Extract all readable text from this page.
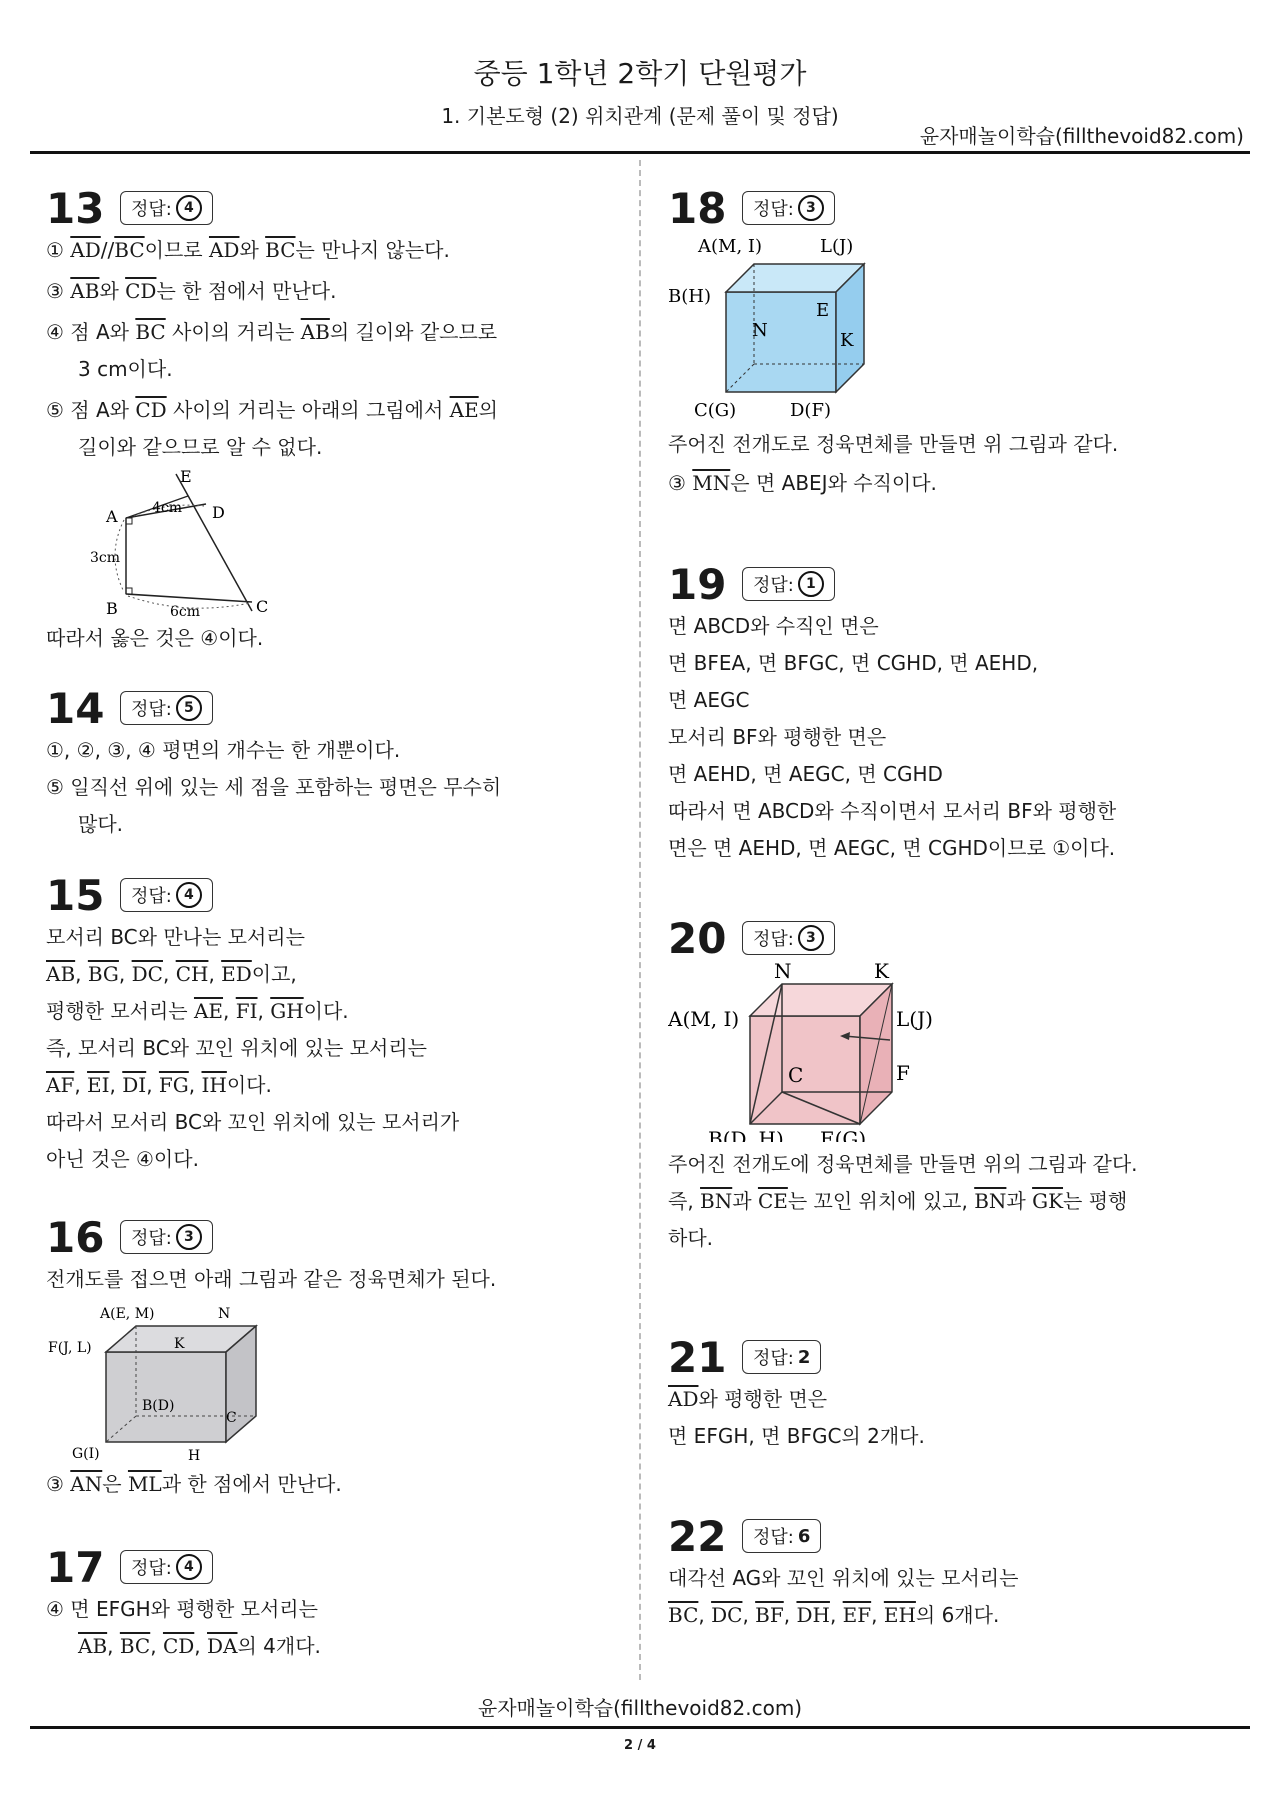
중등 1학년 2학기 단원평가
1. 기본도형 (2) 위치관계 (문제 풀이 및 정답)
윤자매놀이학습(fillthevoid82.com)
13	정답: 4
① $\overline{AD}//\overline{BC}$이므로 $\overline{AD}$와 $\overline{BC}$는 만나지 않는다.
③ $\overline{AB}$와 $\overline{CD}$는 한 점에서 만난다.
④ 점 A와 $\overline{BC}$ 사이의 거리는 $\overline{AB}$의 길이와 같으므로
3 cm이다.
⑤ 점 A와 $\overline{CD}$ 사이의 거리는 아래의 그림에서 $\overline{AE}$의
길이와 같으므로 알 수 없다.
E
A	D
B	C
4cm
3cm
6cm
따라서 옳은 것은 ④이다.
14	정답: 5
①, ②, ③, ④ 평면의 개수는 한 개뿐이다.
⑤ 일직선 위에 있는 세 점을 포함하는 평면은 무수히
많다.
15	정답: 4
모서리 BC와 만나는 모서리는
$\overline{AB}$, $\overline{BG}$, $\overline{DC}$, $\overline{CH}$, $\overline{ED}$이고,
평행한 모서리는 $\overline{AE}$, $\overline{FI}$, $\overline{GH}$이다.
즉, 모서리 BC와 꼬인 위치에 있는 모서리는
$\overline{AF}$, $\overline{EI}$, $\overline{DI}$, $\overline{FG}$, $\overline{IH}$이다.
따라서 모서리 BC와 꼬인 위치에 있는 모서리가
아닌 것은 ④이다.
16	정답: 3
전개도를 접으면 아래 그림과 같은 정육면체가 된다.
A(E, M)	N
F(J, L)	K
B(D)
C
G(I)	H
③ $\overline{AN}$은 $\overline{ML}$과 한 점에서 만난다.
17	정답: 4
④ 면 EFGH와 평행한 모서리는
$\overline{AB}$, $\overline{BC}$, $\overline{CD}$, $\overline{DA}$의 4개다.
18	정답: 3
A(M, I)	L(J)
B(H)
E
N	K
C(G)	D(F)
주어진 전개도로 정육면체를 만들면 위 그림과 같다.
③ $\overline{MN}$은 면 ABEJ와 수직이다.
19	정답: 1
면 ABCD와 수직인 면은
면 BFEA, 면 BFGC, 면 CGHD, 면 AEHD,
면 AEGC
모서리 BF와 평행한 면은
면 AEHD, 면 AEGC, 면 CGHD
따라서 면 ABCD와 수직이면서 모서리 BF와 평행한
면은 면 AEHD, 면 AEGC, 면 CGHD이므로 ①이다.
20	정답: 3
N	K
A(M, I)	L(J)
C	F
B(D, H) E(G)
주어진 전개도에 정육면체를 만들면 위의 그림과 같다.
즉, $\overline{BN}$과 $\overline{CE}$는 꼬인 위치에 있고, $\overline{BN}$과 $\overline{GK}$는 평행
하다.
21	정답: 2
$\overline{AD}$와 평행한 면은
면 EFGH, 면 BFGC의 2개다.
22	정답: 6
대각선 AG와 꼬인 위치에 있는 모서리는
$\overline{BC}$, $\overline{DC}$, $\overline{BF}$, $\overline{DH}$, $\overline{EF}$, $\overline{EH}$의 6개다.
윤자매놀이학습(fillthevoid82.com)
2 / 4
